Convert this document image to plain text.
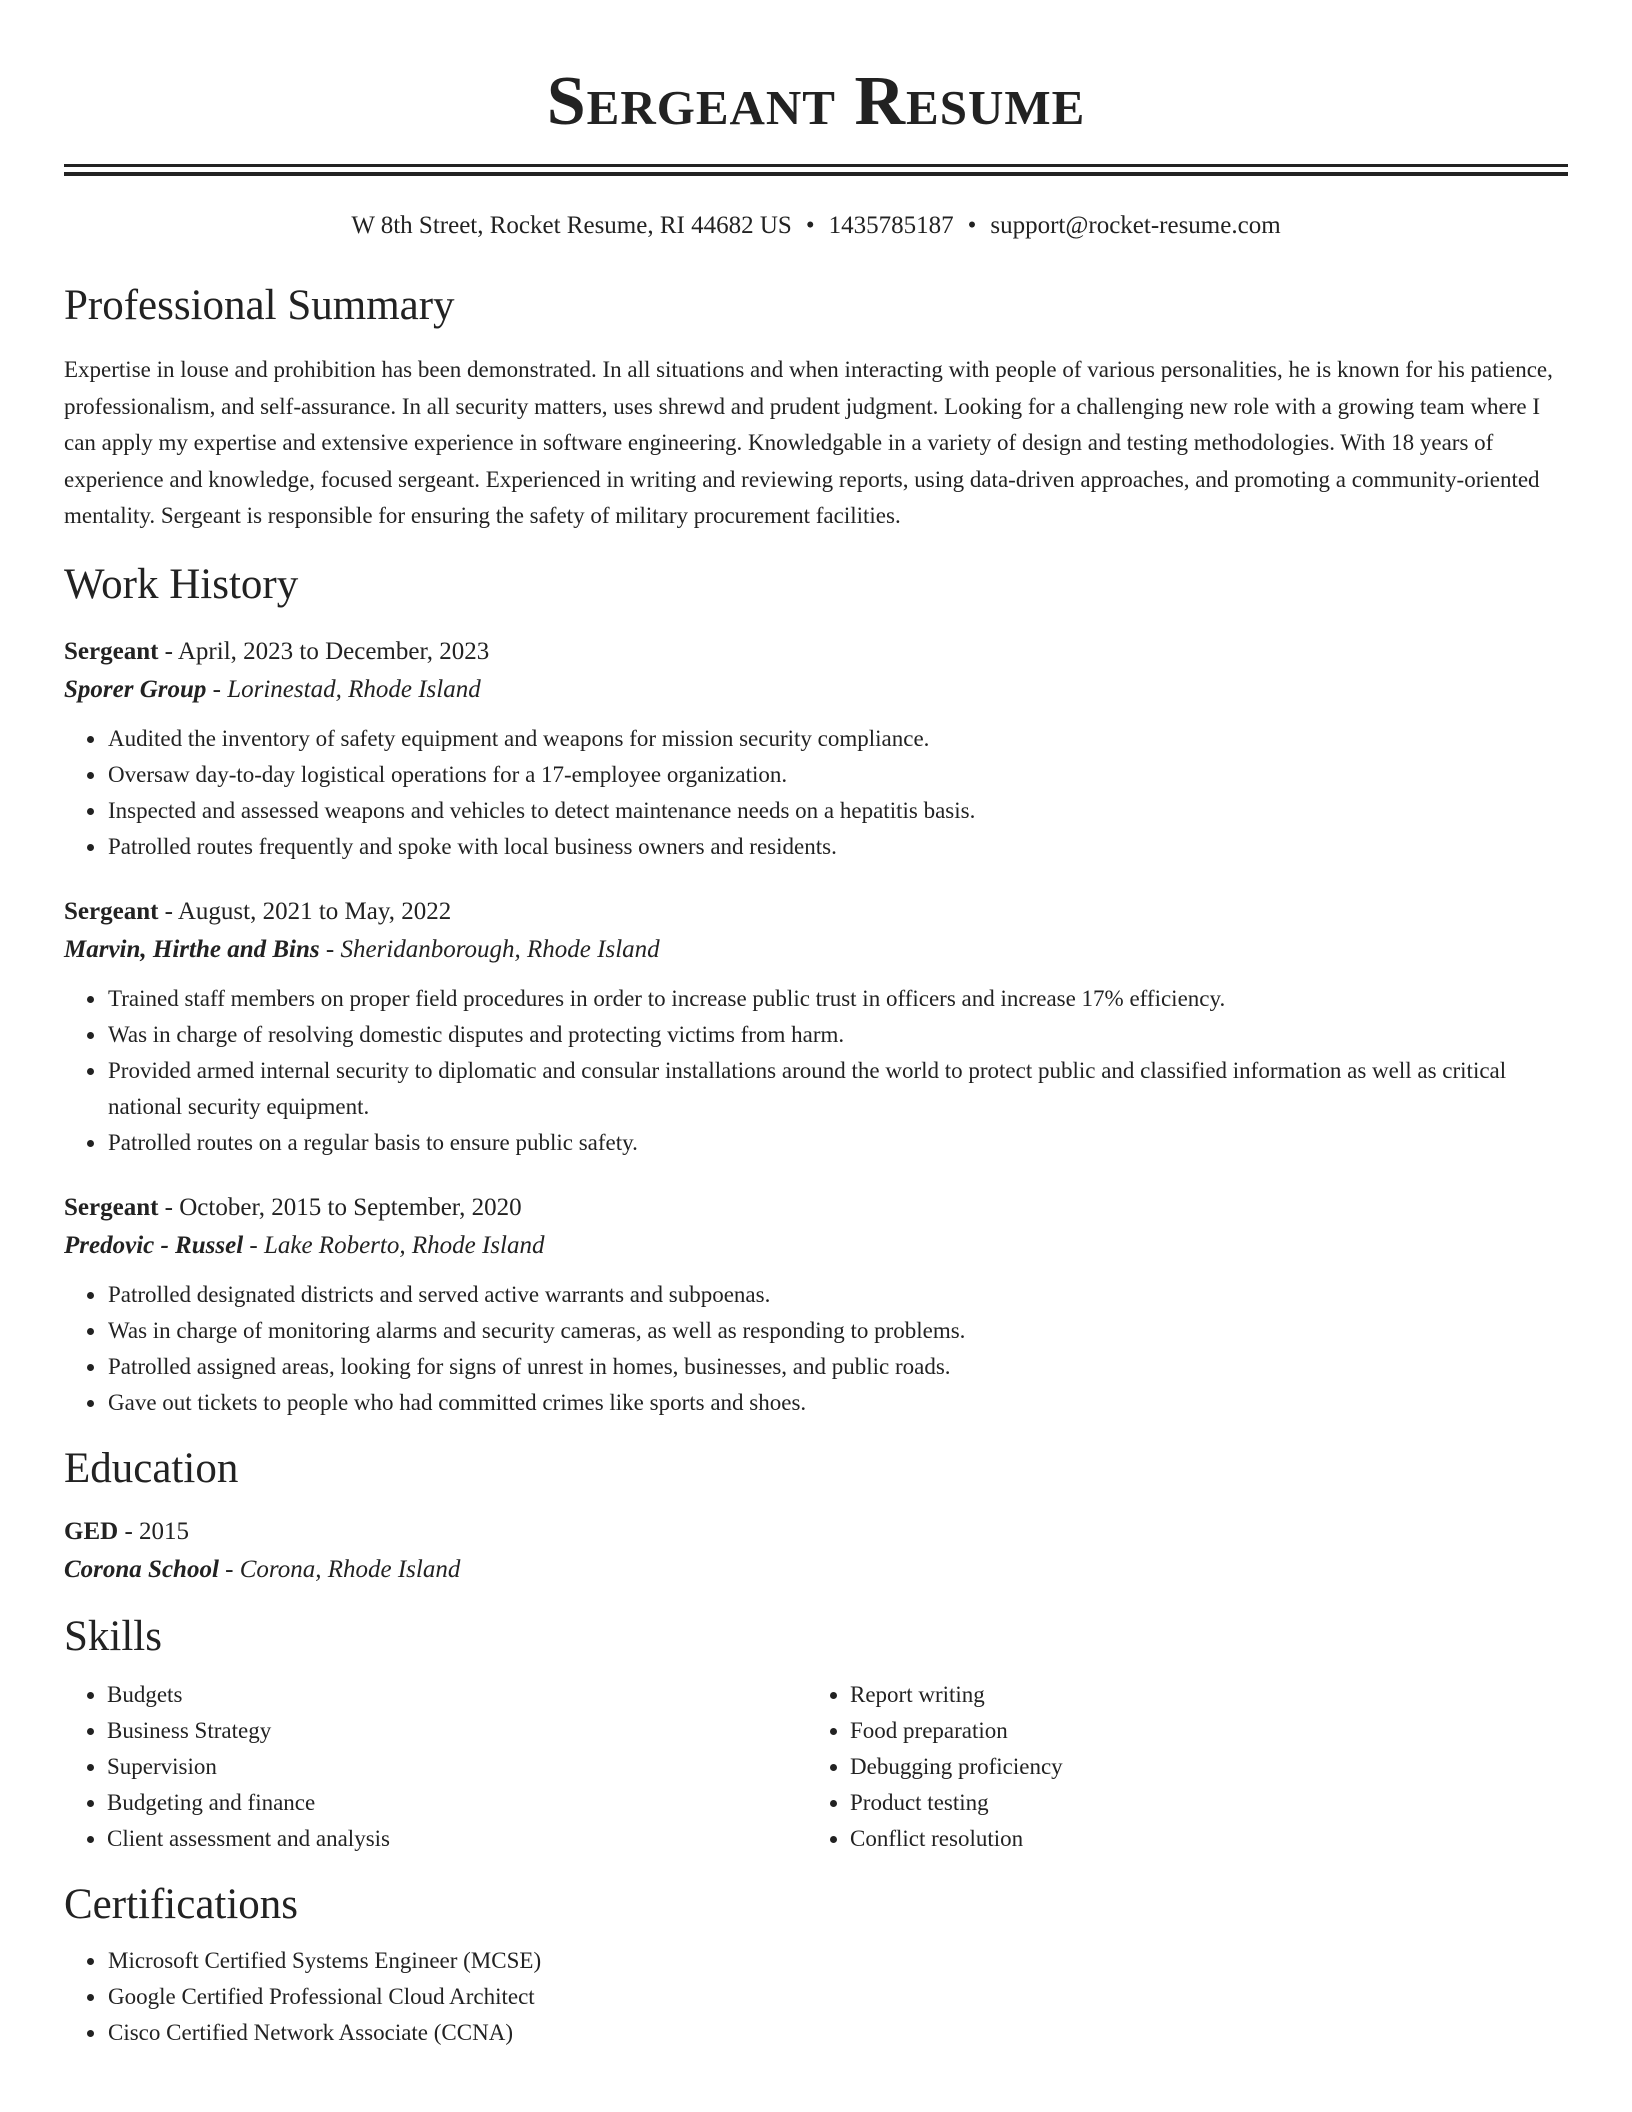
Sergeant Resume
W 8th Street, Rocket Resume, RI 44682 US • 1435785187 • support@rocket-resume.com
Professional Summary

Expertise in louse and prohibition has been demonstrated. In all situations and when interacting with people of various personalities, he is known for his patience, professionalism, and self-assurance. In all security matters, uses shrewd and prudent judgment. Looking for a challenging new role with a growing team where I can apply my expertise and extensive experience in software engineering. Knowledgable in a variety of design and testing methodologies. With 18 years of experience and knowledge, focused sergeant. Experienced in writing and reviewing reports, using data-driven approaches, and promoting a community-oriented mentality. Sergeant is responsible for ensuring the safety of military procurement facilities.

Work History
Sergeant - April, 2023 to December, 2023
Sporer Group - Lorinestad, Rhode Island
• Audited the inventory of safety equipment and weapons for mission security compliance.
• Oversaw day-to-day logistical operations for a 17-employee organization.
• Inspected and assessed weapons and vehicles to detect maintenance needs on a hepatitis basis.
• Patrolled routes frequently and spoke with local business owners and residents.
Sergeant - August, 2021 to May, 2022
Marvin, Hirthe and Bins - Sheridanborough, Rhode Island
• Trained staff members on proper field procedures in order to increase public trust in officers and increase 17% efficiency.
• Was in charge of resolving domestic disputes and protecting victims from harm.
• Provided armed internal security to diplomatic and consular installations around the world to protect public and classified information as well as critical national security equipment.
• Patrolled routes on a regular basis to ensure public safety.
Sergeant - October, 2015 to September, 2020
Predovic - Russel - Lake Roberto, Rhode Island
• Patrolled designated districts and served active warrants and subpoenas.
• Was in charge of monitoring alarms and security cameras, as well as responding to problems.
• Patrolled assigned areas, looking for signs of unrest in homes, businesses, and public roads.
• Gave out tickets to people who had committed crimes like sports and shoes.
Education
GED - 2015
Corona School - Corona, Rhode Island
Skills
• Budgets
• Business Strategy
• Supervision
• Budgeting and finance
• Client assessment and analysis
• Report writing
• Food preparation
• Debugging proficiency
• Product testing
• Conflict resolution
Certifications
• Microsoft Certified Systems Engineer (MCSE)
• Google Certified Professional Cloud Architect
• Cisco Certified Network Associate (CCNA)
